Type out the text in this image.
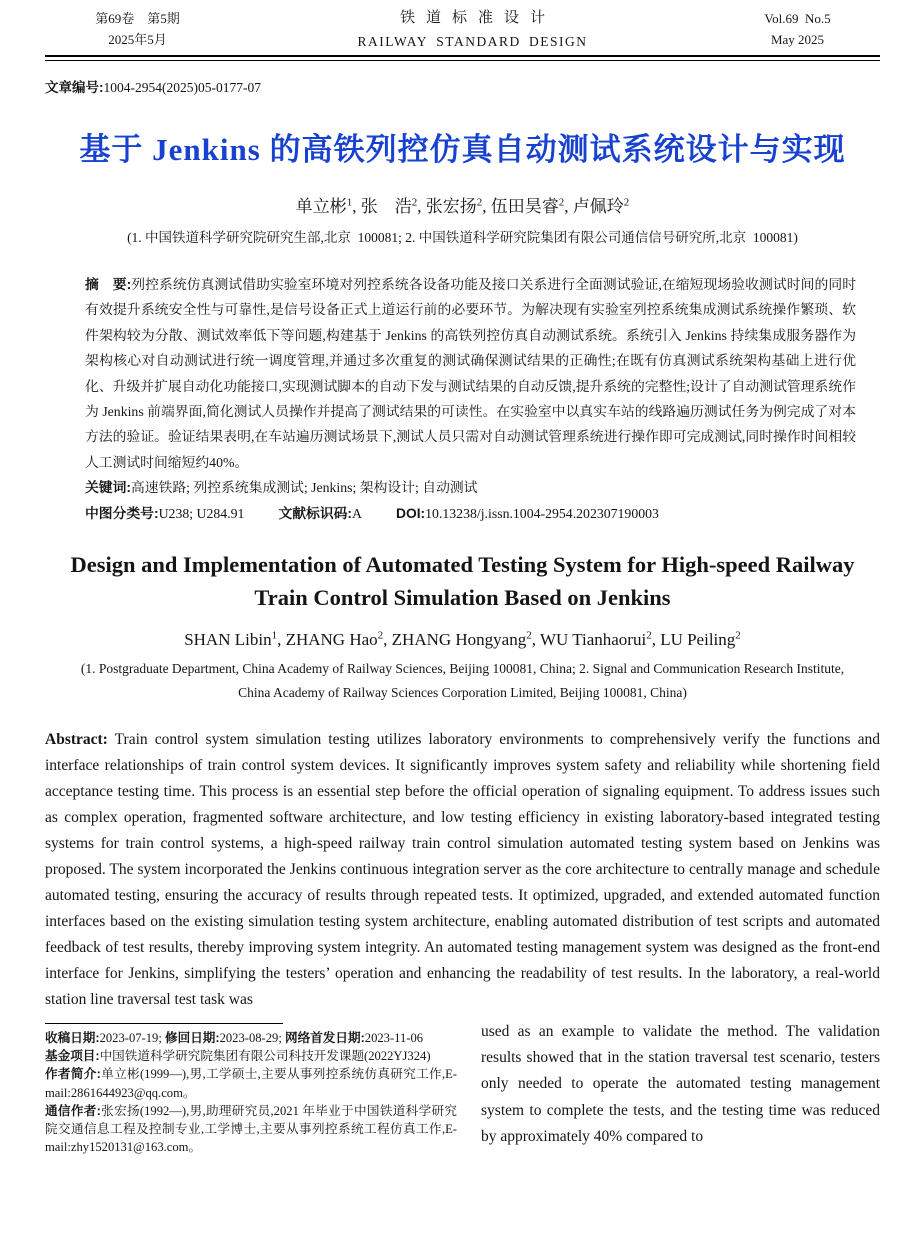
第69卷　第5期
2025年5月
铁道标准设计
RAILWAY STANDARD DESIGN
Vol.69 No.5
May 2025
文章编号:1004-2954(2025)05-0177-07
基于 Jenkins 的高铁列控仿真自动测试系统设计与实现
单立彬$^1$, 张　浩$^2$, 张宏扬$^2$, 伍田昊睿$^2$, 卢佩玲$^2$
(1. 中国铁道科学研究院研究生部,北京 100081; 2. 中国铁道科学研究院集团有限公司通信信号研究所,北京 100081)

摘　要:列控系统仿真测试借助实验室环境对列控系统各设备功能及接口关系进行全面测试验证,在缩短现场验收测试时间的同时有效提升系统安全性与可靠性,是信号设备正式上道运行前的必要环节。为解决现有实验室列控系统集成测试系统操作繁琐、软件架构较为分散、测试效率低下等问题,构建基于 Jenkins 的高铁列控仿真自动测试系统。系统引入 Jenkins 持续集成服务器作为架构核心对自动测试进行统一调度管理,并通过多次重复的测试确保测试结果的正确性;在既有仿真测试系统架构基础上进行优化、升级并扩展自动化功能接口,实现测试脚本的自动下发与测试结果的自动反馈,提升系统的完整性;设计了自动测试管理系统作为 Jenkins 前端界面,简化测试人员操作并提高了测试结果的可读性。在实验室中以真实车站的线路遍历测试任务为例完成了对本方法的验证。验证结果表明,在车站遍历测试场景下,测试人员只需对自动测试管理系统进行操作即可完成测试,同时操作时间相较人工测试时间缩短约40%。

关键词:高速铁路; 列控系统集成测试; Jenkins; 架构设计; 自动测试

中图分类号:U238; U284.91 文献标识码:A DOI:10.13238/j.issn.1004-2954.202307190003

Design and Implementation of Automated Testing System for High-speed Railway Train Control Simulation Based on Jenkins
SHAN Libin$^1$, ZHANG Hao$^2$, ZHANG Hongyang$^2$, WU Tianhaorui$^2$, LU Peiling$^2$
(1. Postgraduate Department, China Academy of Railway Sciences, Beijing 100081, China; 2. Signal and Communication Research Institute, China Academy of Railway Sciences Corporation Limited, Beijing 100081, China)
Abstract: Train control system simulation testing utilizes laboratory environments to comprehensively verify the functions and interface relationships of train control system devices. It significantly improves system safety and reliability while shortening field acceptance testing time. This process is an essential step before the official operation of signaling equipment. To address issues such as complex operation, fragmented software architecture, and low testing efficiency in existing laboratory-based integrated testing systems for train control systems, a high-speed railway train control simulation automated testing system based on Jenkins was proposed. The system incorporated the Jenkins continuous integration server as the core architecture to centrally manage and schedule automated testing, ensuring the accuracy of results through repeated tests. It optimized, upgraded, and extended automated function interfaces based on the existing simulation testing system architecture, enabling automated distribution of test scripts and automated feedback of test results, thereby improving system integrity. An automated testing management system was designed as the front-end interface for Jenkins, simplifying the testers’ operation and enhancing the readability of test results. In the laboratory, a real-world station line traversal test task was

收稿日期:2023-07-19; 修回日期:2023-08-29; 网络首发日期:2023-11-06

基金项目:中国铁道科学研究院集团有限公司科技开发课题(2022YJ324)

作者简介:单立彬(1999—),男,工学硕士,主要从事列控系统仿真研究工作,E-mail:2861644923@qq.com。

通信作者:张宏扬(1992—),男,助理研究员,2021 年毕业于中国铁道科学研究院交通信息工程及控制专业,工学博士,主要从事列控系统工程仿真工作,E-mail:zhy1520131@163.com。

used as an example to validate the method. The validation results showed that in the station traversal test scenario, testers only needed to operate the automated testing management system to complete the tests, and the testing time was reduced by approximately 40% compared to
